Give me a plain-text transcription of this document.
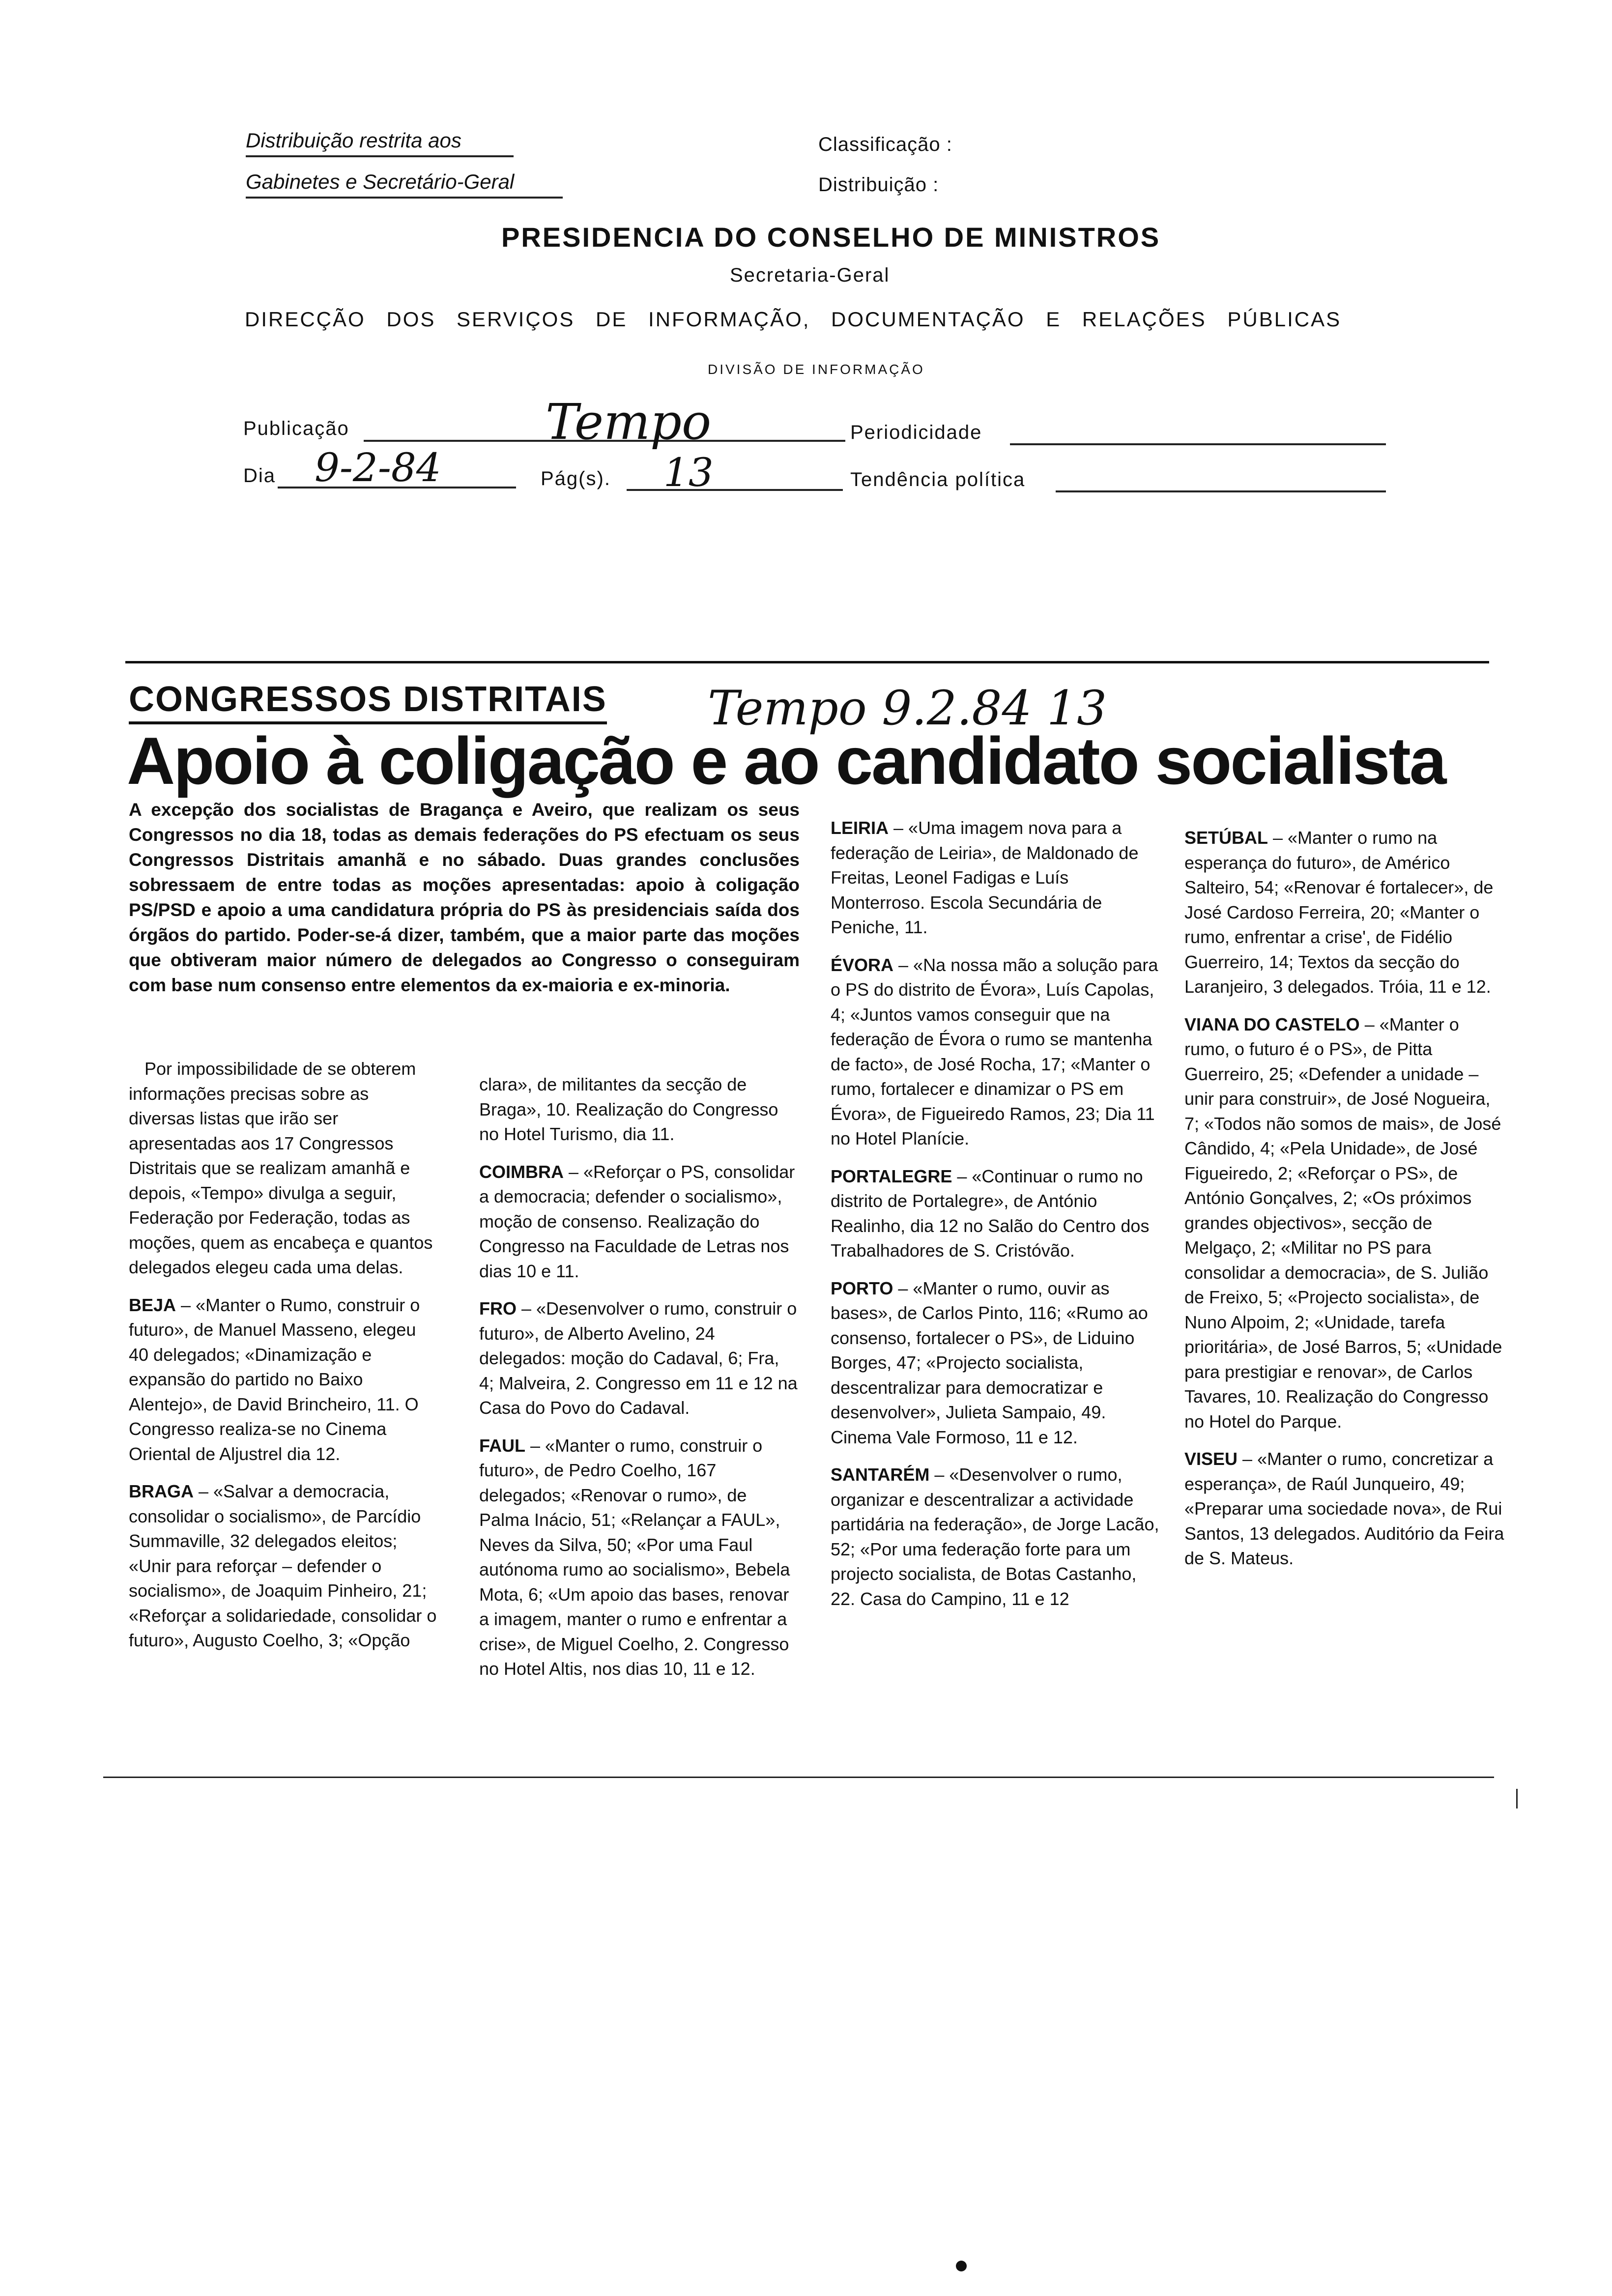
Distribuição restrita aos
Gabinetes e Secretário-Geral
Classificação :
Distribuição :
PRESIDENCIA DO CONSELHO DE MINISTROS
Secretaria-Geral
DIRECÇÃO DOS SERVIÇOS DE INFORMAÇÃO, DOCUMENTAÇÃO E RELAÇÕES PÚBLICAS
DIVISÃO DE INFORMAÇÃO
Publicação	Tempo	Periodicidade
Dia 9-2-84	Pág(s). 13	Tendência política
CONGRESSOS DISTRITAIS Tempo 9.2.84 13
Apoio à coligação e ao candidato socialista
A excepção dos socialistas de Bragança e Aveiro, que realizam os seus Congressos no dia 18, todas as demais federações do PS efectuam os seus Congressos Distritais amanhã e no sábado. Duas grandes conclusões sobressaem de entre todas as moções apresentadas: apoio à coligação PS/PSD e apoio a uma candidatura própria do PS às presidenciais saída dos órgãos do partido. Poder-se-á dizer, também, que a maior parte das moções que obtiveram maior número de delegados ao Congresso o conseguiram com base num consenso entre elementos da ex-maioria e ex-minoria.

Por impossibilidade de se obterem informações precisas sobre as diversas listas que irão ser apresentadas aos 17 Congressos Distritais que se realizam amanhã e depois, «Tempo» divulga a seguir, Federação por Federação, todas as moções, quem as encabeça e quantos delegados elegeu cada uma delas.

BEJA – «Manter o Rumo, construir o futuro», de Manuel Masseno, elegeu 40 delegados; «Dinamização e expansão do partido no Baixo Alentejo», de David Brincheiro, 11. O Congresso realiza-se no Cinema Oriental de Aljustrel dia 12.

BRAGA – «Salvar a democracia, consolidar o socialismo», de Parcídio Summaville, 32 delegados eleitos; «Unir para reforçar – defender o socialismo», de Joaquim Pinheiro, 21; «Reforçar a solidariedade, consolidar o futuro», Augusto Coelho, 3; «Opção

clara», de militantes da secção de Braga», 10. Realização do Congresso no Hotel Turismo, dia 11.

COIMBRA – «Reforçar o PS, consolidar a democracia; defender o socialismo», moção de consenso. Realização do Congresso na Faculdade de Letras nos dias 10 e 11.

FRO – «Desenvolver o rumo, construir o futuro», de Alberto Avelino, 24 delegados: moção do Cadaval, 6; Fra, 4; Malveira, 2. Congresso em 11 e 12 na Casa do Povo do Cadaval.

FAUL – «Manter o rumo, construir o futuro», de Pedro Coelho, 167 delegados; «Renovar o rumo», de Palma Inácio, 51; «Relançar a FAUL», Neves da Silva, 50; «Por uma Faul autónoma rumo ao socialismo», Bebela Mota, 6; «Um apoio das bases, renovar a imagem, manter o rumo e enfrentar a crise», de Miguel Coelho, 2. Congresso no Hotel Altis, nos dias 10, 11 e 12.

LEIRIA – «Uma imagem nova para a federação de Leiria», de Maldonado de Freitas, Leonel Fadigas e Luís Monterroso. Escola Secundária de Peniche, 11.

ÉVORA – «Na nossa mão a solução para o PS do distrito de Évora», Luís Capolas, 4; «Juntos vamos conseguir que na federação de Évora o rumo se mantenha de facto», de José Rocha, 17; «Manter o rumo, fortalecer e dinamizar o PS em Évora», de Figueiredo Ramos, 23; Dia 11 no Hotel Planície.

PORTALEGRE – «Continuar o rumo no distrito de Portalegre», de António Realinho, dia 12 no Salão do Centro dos Trabalhadores de S. Cristóvão.

PORTO – «Manter o rumo, ouvir as bases», de Carlos Pinto, 116; «Rumo ao consenso, fortalecer o PS», de Liduino Borges, 47; «Projecto socialista, descentralizar para democratizar e desenvolver», Julieta Sampaio, 49. Cinema Vale Formoso, 11 e 12.

SANTARÉM – «Desenvolver o rumo, organizar e descentralizar a actividade partidária na federação», de Jorge Lacão, 52; «Por uma federação forte para um projecto socialista, de Botas Castanho, 22. Casa do Campino, 11 e 12

SETÚBAL – «Manter o rumo na esperança do futuro», de Américo Salteiro, 54; «Renovar é fortalecer», de José Cardoso Ferreira, 20; «Manter o rumo, enfrentar a crise', de Fidélio Guerreiro, 14; Textos da secção do Laranjeiro, 3 delegados. Tróia, 11 e 12.

VIANA DO CASTELO – «Manter o rumo, o futuro é o PS», de Pitta Guerreiro, 25; «Defender a unidade – unir para construir», de José Nogueira, 7; «Todos não somos de mais», de José Cândido, 4; «Pela Unidade», de José Figueiredo, 2; «Reforçar o PS», de António Gonçalves, 2; «Os próximos grandes objectivos», secção de Melgaço, 2; «Militar no PS para consolidar a democracia», de S. Julião de Freixo, 5; «Projecto socialista», de Nuno Alpoim, 2; «Unidade, tarefa prioritária», de José Barros, 5; «Unidade para prestigiar e renovar», de Carlos Tavares, 10. Realização do Congresso no Hotel do Parque.

VISEU – «Manter o rumo, concretizar a esperança», de Raúl Junqueiro, 49; «Preparar uma sociedade nova», de Rui Santos, 13 delegados. Auditório da Feira de S. Mateus.
